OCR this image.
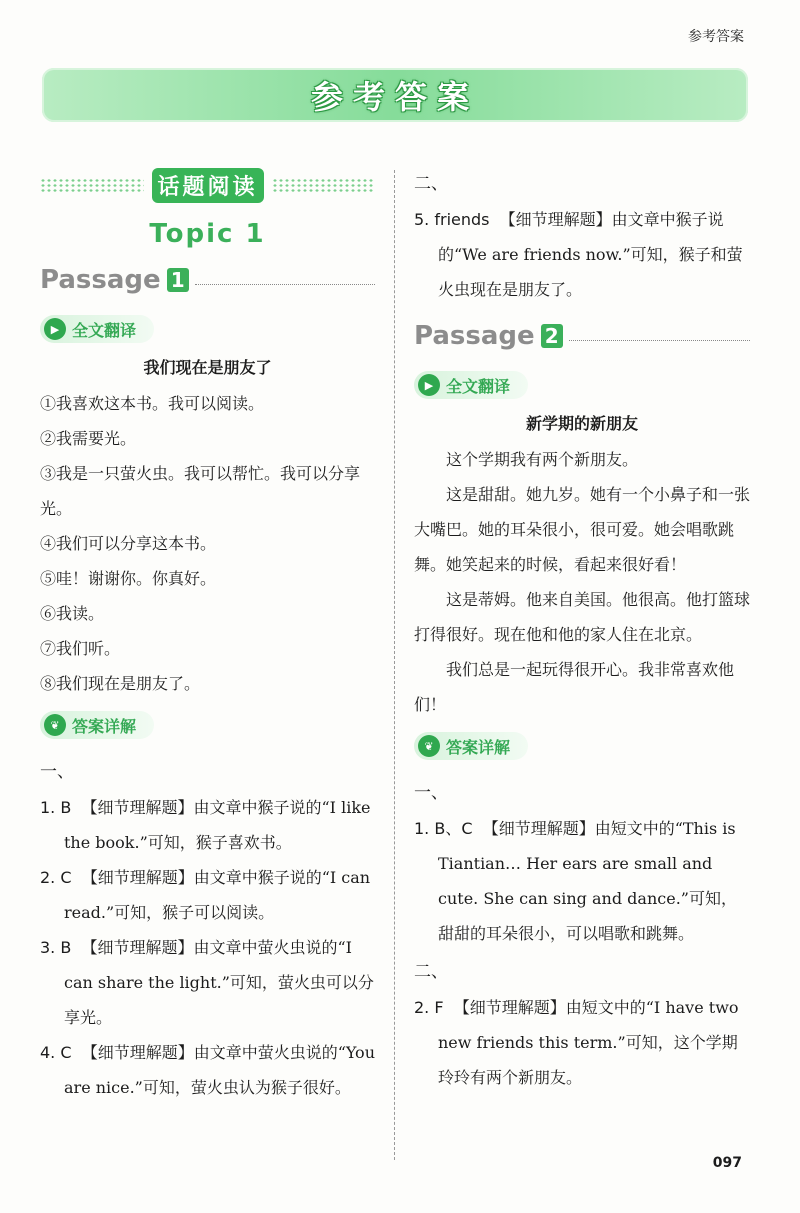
参考答案
参考答案
话题阅读
Topic 1
Passage 1
▶ 全文翻译
我们现在是朋友了

①我喜欢这本书。我可以阅读。

②我需要光。

③我是一只萤火虫。我可以帮忙。我可以分享光。

④我们可以分享这本书。

⑤哇！谢谢你。你真好。

⑥我读。

⑦我们听。

⑧我们现在是朋友了。

❦ 答案详解

一、

1. B 【细节理解题】由文章中猴子说的“I like the book.”可知，猴子喜欢书。

2. C 【细节理解题】由文章中猴子说的“I can read.”可知，猴子可以阅读。

3. B 【细节理解题】由文章中萤火虫说的“I can share the light.”可知，萤火虫可以分享光。

4. C 【细节理解题】由文章中萤火虫说的“You are nice.”可知，萤火虫认为猴子很好。

二、

5. friends 【细节理解题】由文章中猴子说的“We are friends now.”可知，猴子和萤火虫现在是朋友了。

Passage 2
▶ 全文翻译
新学期的新朋友

这个学期我有两个新朋友。

这是甜甜。她九岁。她有一个小鼻子和一张大嘴巴。她的耳朵很小，很可爱。她会唱歌跳舞。她笑起来的时候，看起来很好看！

这是蒂姆。他来自美国。他很高。他打篮球打得很好。现在他和他的家人住在北京。

我们总是一起玩得很开心。我非常喜欢他们！

❦ 答案详解

一、

1. B、C 【细节理解题】由短文中的“This is Tiantian… Her ears are small and cute. She can sing and dance.”可知，甜甜的耳朵很小，可以唱歌和跳舞。

二、

2. F 【细节理解题】由短文中的“I have two new friends this term.”可知，这个学期玲玲有两个新朋友。

097
